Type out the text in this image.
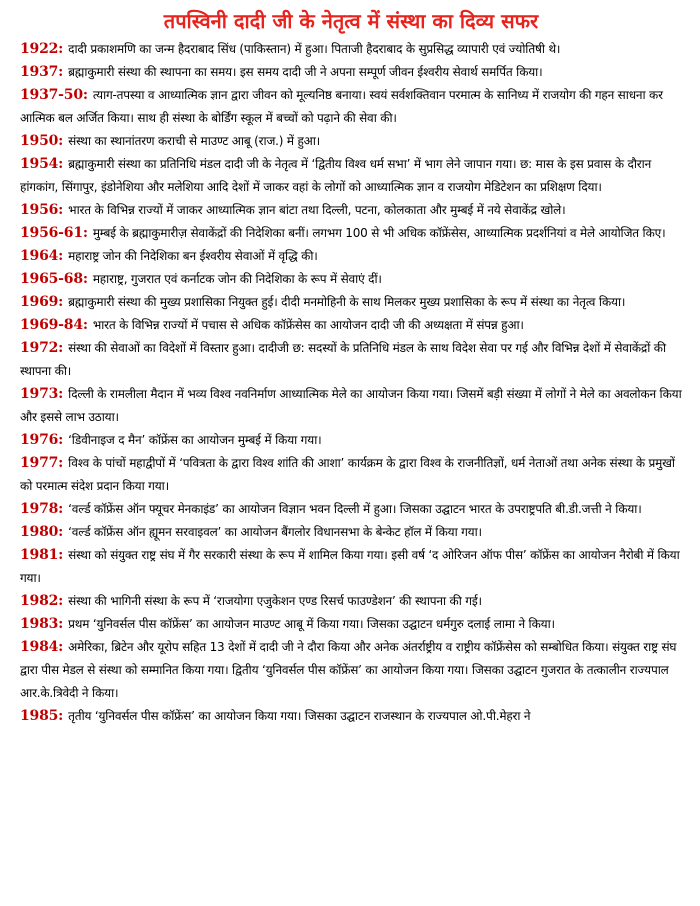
तपस्विनी दादी जी के नेतृत्व में संस्था का दिव्य सफर
1922: दादी प्रकाशमणि का जन्म हैदराबाद सिंध (पाकिस्तान) में हुआ। पिताजी हैदराबाद के सुप्रसिद्ध व्यापारी एवं ज्योतिषी थे।
1937: ब्रह्माकुमारी संस्था की स्थापना का समय। इस समय दादी जी ने अपना सम्पूर्ण जीवन ईश्वरीय सेवार्थ समर्पित किया।
1937-50: त्याग-तपस्या व आध्यात्मिक ज्ञान द्वारा जीवन को मूल्यनिष्ठ बनाया। स्वयं सर्वशक्तिवान परमात्म के सानिध्य में राजयोग की गहन साधना कर आत्मिक बल अर्जित किया। साथ ही संस्था के बोर्डिंग स्कूल में बच्चों को पढ़ाने की सेवा की।
1950: संस्था का स्थानांतरण कराची से माउण्ट आबू (राज.) में हुआ।
1954: ब्रह्माकुमारी संस्था का प्रतिनिधि मंडल दादी जी के नेतृत्व में ‘द्वितीय विश्व धर्म सभा’ में भाग लेने जापान गया। छ: मास के इस प्रवास के दौरान हांगकांग, सिंगापुर, इंडोनेशिया और मलेशिया आदि देशों में जाकर वहां के लोगों को आध्यात्मिक ज्ञान व राजयोग मेडिटेशन का प्रशिक्षण दिया।
1956: भारत के विभिन्न राज्यों में जाकर आध्यात्मिक ज्ञान बांटा तथा दिल्ली, पटना, कोलकाता और मुम्बई में नये सेवाकेंद्र खोले।
1956-61: मुम्बई के ब्रह्माकुमारीज़ सेवाकेंद्रों की निदेशिका बनीं। लगभग 100 से भी अधिक कॉफ्रेंसेस, आध्यात्मिक प्रदर्शनियां व मेले आयोजित किए।
1964: महाराष्ट्र जोन की निदेशिका बन ईश्वरीय सेवाओं में वृद्धि की।
1965-68: महाराष्ट्र, गुजरात एवं कर्नाटक जोन की निदेशिका के रूप में सेवाएं दीं।
1969: ब्रह्माकुमारी संस्था की मुख्य प्रशासिका नियुक्त हुई। दीदी मनमोहिनी के साथ मिलकर मुख्य प्रशासिका के रूप में संस्था का नेतृत्व किया।
1969-84: भारत के विभिन्न राज्यों में पचास से अधिक कॉफ्रेंसेस का आयोजन दादी जी की अध्यक्षता में संपन्न हुआ।
1972: संस्था की सेवाओं का विदेशों में विस्तार हुआ। दादीजी छ: सदस्यों के प्रतिनिधि मंडल के साथ विदेश सेवा पर गई और विभिन्न देशों में सेवाकेंद्रों की स्थापना की।
1973: दिल्ली के रामलीला मैदान में भव्य विश्व नवनिर्माण आध्यात्मिक मेले का आयोजन किया गया। जिसमें बड़ी संख्या में लोगों ने मेले का अवलोकन किया और इससे लाभ उठाया।
1976: ‘डिवीनाइज द मैन’ कॉफ्रेंस का आयोजन मुम्बई में किया गया।
1977: विश्व के पांचों महाद्वीपों में ‘पवित्रता के द्वारा विश्व शांति की आशा’ कार्यक्रम के द्वारा विश्व के राजनीतिज्ञों, धर्म नेताओं तथा अनेक संस्था के प्रमुखों को परमात्म संदेश प्रदान किया गया।
1978: ‘वर्ल्ड कॉफ्रेंस ऑन फ्यूचर मेनकाइंड’ का आयोजन विज्ञान भवन दिल्ली में हुआ। जिसका उद्घाटन भारत के उपराष्ट्रपति बी.डी.जत्ती ने किया।
1980: ‘वर्ल्ड कॉफ्रेंस ऑन ह्यूमन सरवाइवल’ का आयोजन बैंगलोर विधानसभा के बेन्केट हॉल में किया गया।
1981: संस्था को संयुक्त राष्ट्र संघ में गैर सरकारी संस्था के रूप में शामिल किया गया। इसी वर्ष ‘द ओरिजन ऑफ पीस’ कॉफ्रेंस का आयोजन नैरोबी में किया गया।
1982: संस्था की भागिनी संस्था के रूप में ‘राजयोगा एजुकेशन एण्ड रिसर्च फाउण्डेशन’ की स्थापना की गई।
1983: प्रथम ‘युनिवर्सल पीस कॉफ्रेंस’ का आयोजन माउण्ट आबू में किया गया। जिसका उद्घाटन धर्मगुरु दलाई लामा ने किया।
1984: अमेरिका, ब्रिटेन और यूरोप सहित 13 देशों में दादी जी ने दौरा किया और अनेक अंतर्राष्ट्रीय व राष्ट्रीय कॉफ्रेंसेस को सम्बोधित किया। संयुक्त राष्ट्र संघ द्वारा पीस मेडल से संस्था को सम्मानित किया गया। द्वितीय ‘युनिवर्सल पीस कॉफ्रेंस’ का आयोजन किया गया। जिसका उद्घाटन गुजरात के तत्कालीन राज्यपाल आर.के.त्रिवेदी ने किया।
1985: तृतीय ‘युनिवर्सल पीस कॉफ्रेंस’ का आयोजन किया गया। जिसका उद्घाटन राजस्थान के राज्यपाल ओ.पी.मेहरा ने
